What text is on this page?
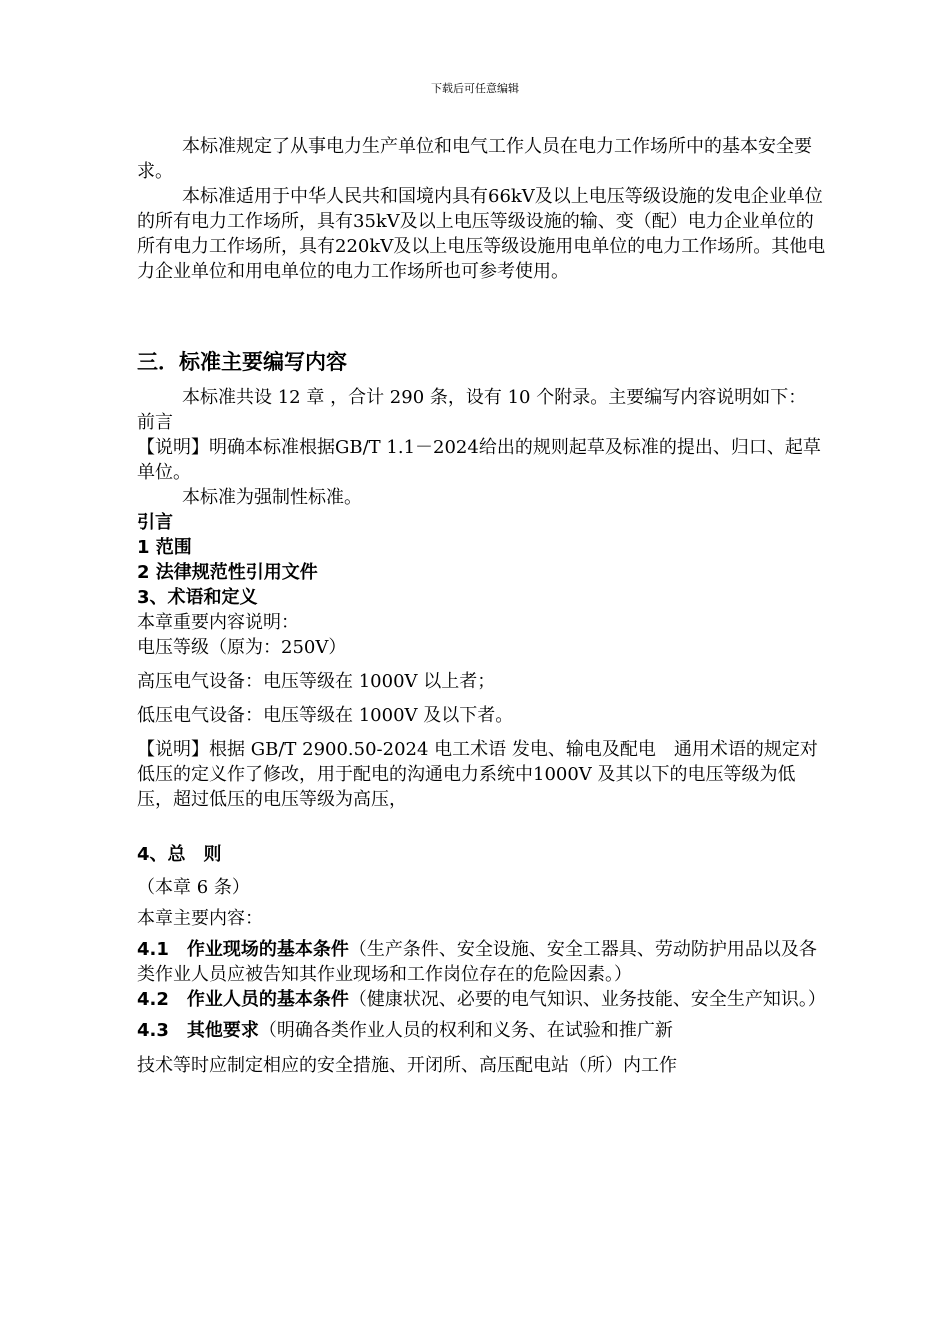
下载后可任意编辑

本标准规定了从事电力生产单位和电气工作人员在电力工作场所中的基本安全要求。

本标准适用于中华人民共和国境内具有66kV及以上电压等级设施的发电企业单位的所有电力工作场所，具有35kV及以上电压等级设施的输、变（配）电力企业单位的所有电力工作场所，具有220kV及以上电压等级设施用电单位的电力工作场所。其他电力企业单位和用电单位的电力工作场所也可参考使用。

三．标准主要编写内容

本标准共设 12 章 ，合计 290 条，设有 10 个附录。主要编写内容说明如下：

前言

【说明】明确本标准根据GB/T 1.1－2024给出的规则起草及标准的提出、归口、起草单位。

本标准为强制性标准。

引言

1 范围

2 法律规范性引用文件

3、术语和定义

本章重要内容说明：

电压等级（原为：250V）

高压电气设备：电压等级在 1000V 以上者；

低压电气设备：电压等级在 1000V 及以下者。

【说明】根据 GB/T 2900.50-2024 电工术语 发电、输电及配电　通用术语的规定对低压的定义作了修改，用于配电的沟通电力系统中1000V 及其以下的电压等级为低压，超过低压的电压等级为高压，

4、总　则

（本章 6 条）

本章主要内容：

4.1　作业现场的基本条件（生产条件、安全设施、安全工器具、劳动防护用品以及各类作业人员应被告知其作业现场和工作岗位存在的危险因素。）

4.2　作业人员的基本条件（健康状况、必要的电气知识、业务技能、安全生产知识。）

4.3　其他要求（明确各类作业人员的权利和义务、在试验和推广新

技术等时应制定相应的安全措施、开闭所、高压配电站（所）内工作
